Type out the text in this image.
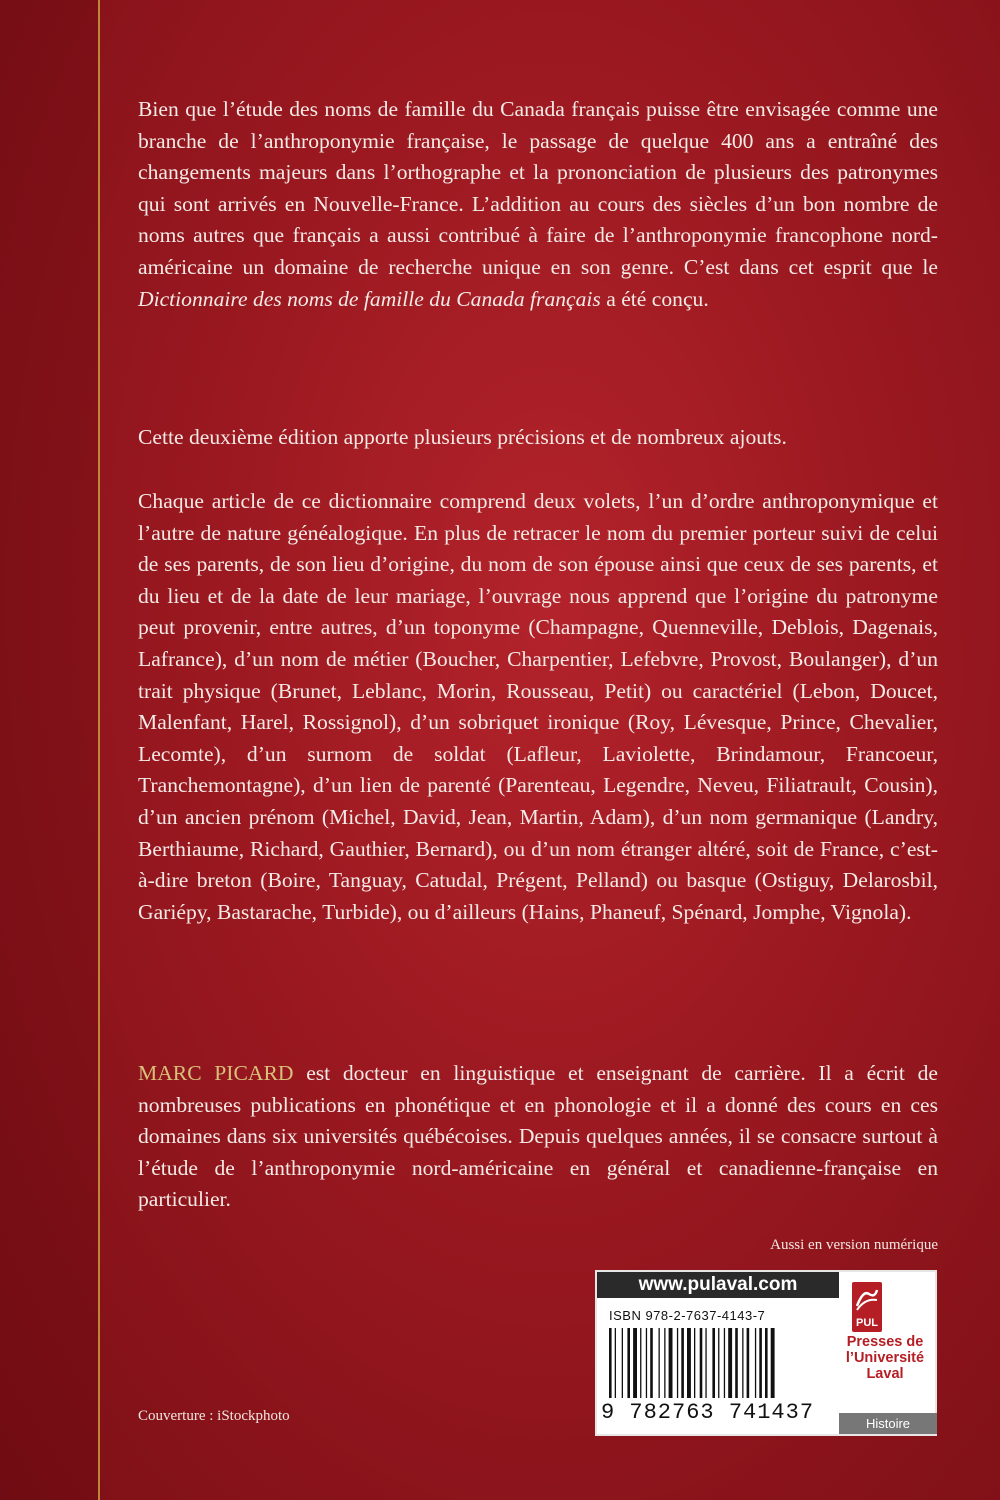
Bien que l’étude des noms de famille du Canada français puisse être envisagée comme une branche de l’anthroponymie française, le passage de quelque 400 ans a entraîné des changements majeurs dans l’orthographe et la prononciation de plusieurs des patronymes qui sont arrivés en Nouvelle-France. L’addition au cours des siècles d’un bon nombre de noms autres que français a aussi contribué à faire de l’anthroponymie francophone nord-américaine un domaine de recherche unique en son genre. C’est dans cet esprit que le Dictionnaire des noms de famille du Canada français a été conçu.

Cette deuxième édition apporte plusieurs précisions et de nombreux ajouts.

Chaque article de ce dictionnaire comprend deux volets, l’un d’ordre anthroponymique et l’autre de nature généalogique. En plus de retracer le nom du premier porteur suivi de celui de ses parents, de son lieu d’origine, du nom de son épouse ainsi que ceux de ses parents, et du lieu et de la date de leur mariage, l’ouvrage nous apprend que l’origine du patronyme peut provenir, entre autres, d’un toponyme (Champagne, Quenneville, Deblois, Dagenais, Lafrance), d’un nom de métier (Boucher, Charpentier, Lefebvre, Provost, Boulanger), d’un trait physique (Brunet, Leblanc, Morin, Rousseau, Petit) ou caractériel (Lebon, Doucet, Malenfant, Harel, Rossignol), d’un sobriquet ironique (Roy, Lévesque, Prince, Chevalier, Lecomte), d’un surnom de soldat (Lafleur, Laviolette, Brindamour, Francoeur, Tranchemontagne), d’un lien de parenté (Parenteau, Legendre, Neveu, Filiatrault, Cousin), d’un ancien prénom (Michel, David, Jean, Martin, Adam), d’un nom germanique (Landry, Berthiaume, Richard, Gauthier, Bernard), ou d’un nom étranger altéré, soit de France, c’est-à-dire breton (Boire, Tanguay, Catudal, Prégent, Pelland) ou basque (Ostiguy, Delarosbil, Gariépy, Bastarache, Turbide), ou d’ailleurs (Hains, Phaneuf, Spénard, Jomphe, Vignola).

MARC PICARD est docteur en linguistique et enseignant de carrière. Il a écrit de nombreuses publications en phonétique et en phonologie et il a donné des cours en ces domaines dans six universités québécoises. Depuis quelques années, il se consacre surtout à l’étude de l’anthroponymie nord-américaine en général et canadienne-française en particulier.

Aussi en version numérique
Couverture : iStockphoto
www.pulaval.com
ISBN 978-2-7637-4143-7
9 782763 741437
PUL
Presses de
l’Université
Laval
Histoire
